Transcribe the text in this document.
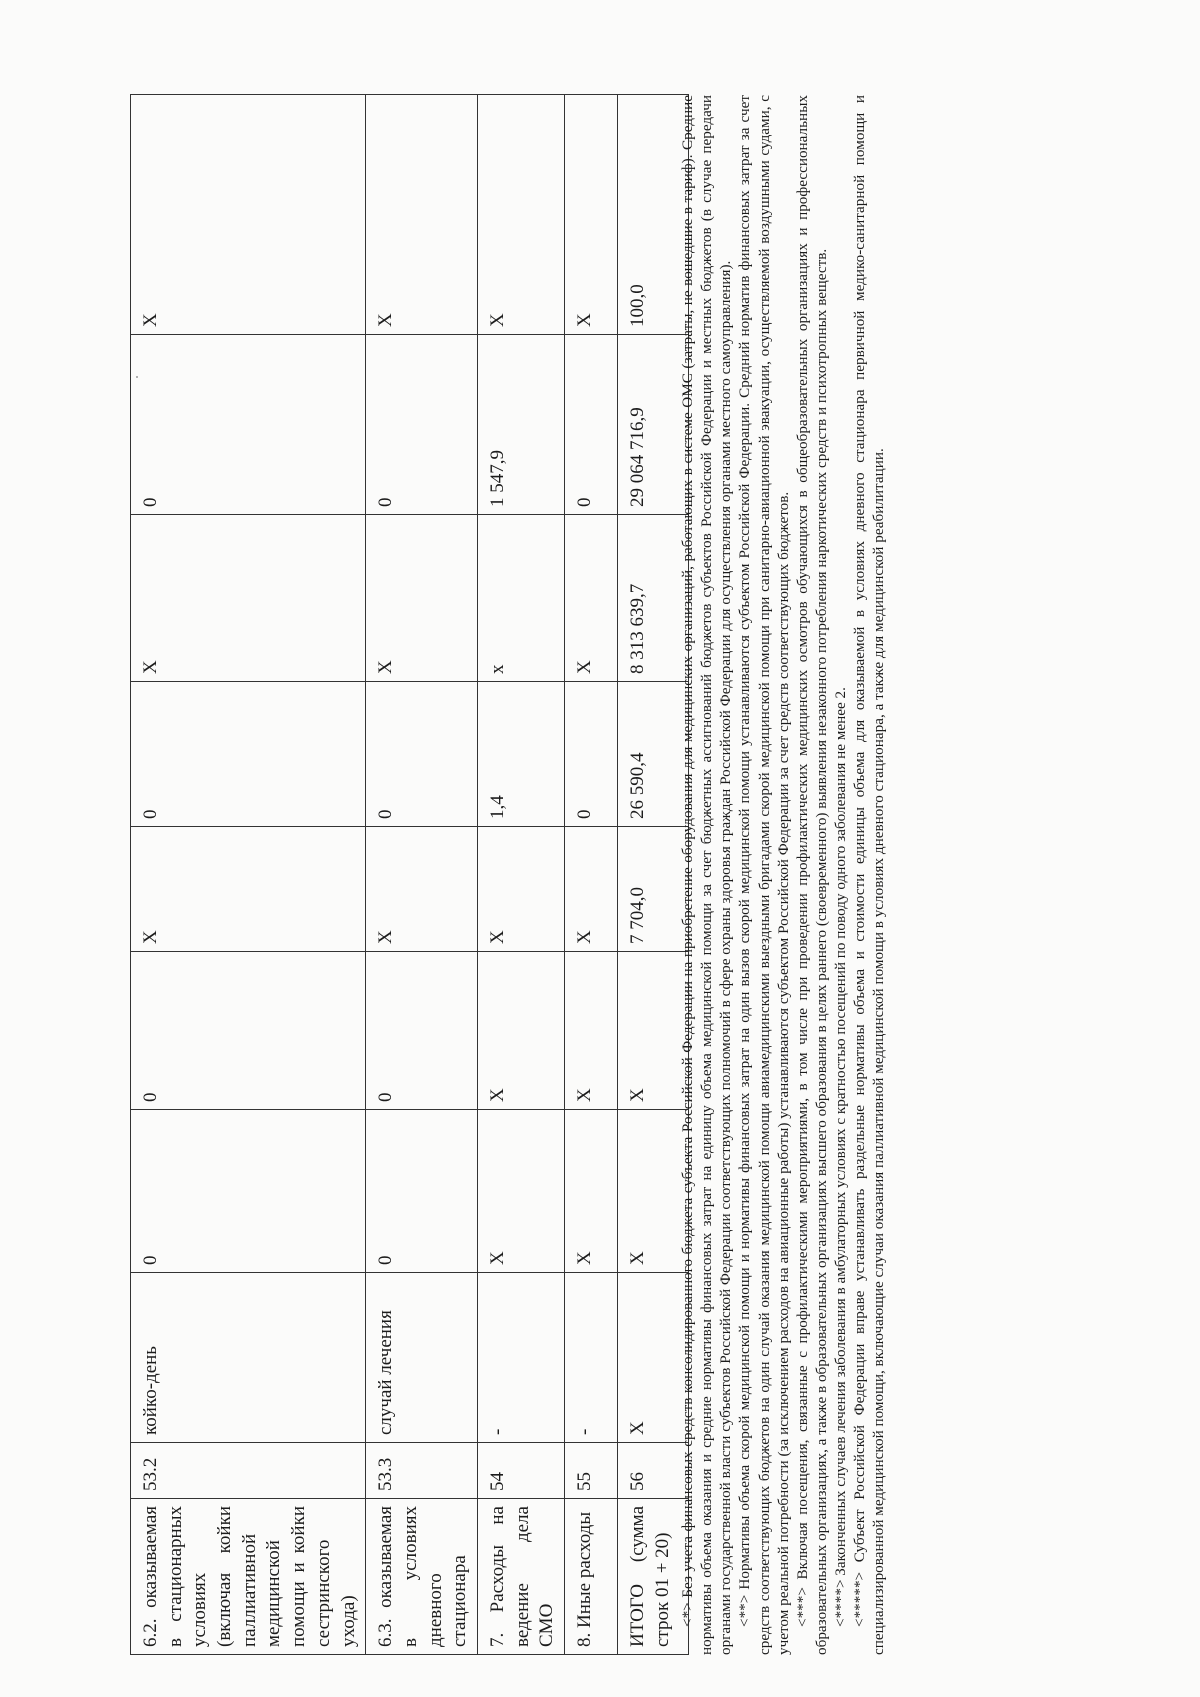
6.2. оказываемая в стационарных условиях (включая койки паллиативной медицинской помощи и койки сестринского ухода)	53.2	койко-день	0	0	X	0	X	0	X
6.3. оказываемая в условиях дневного стационара	53.3	случай лечения	0	0	X	0	X	0	X
7. Расходы на ведение дела СМО	54	-	X	X	X	1,4	x	1 547,9	X
8. Иные расходы	55	-	X	X	X	0	X	0	X
ИТОГО (сумма строк 01 + 20)	56	X	X	X	7 704,0	26 590,4	8 313 639,7	29 064 716,9	100,0 <*> Без учета финансовых средств консолидированного бюджета субъекта Российской Федерации на приобретение оборудования для медицинских организаций, работающих в системе ОМС (затраты, не вошедшие в тариф). Средние нормативы объема оказания и средние нормативы финансовых затрат на единицу объема медицинской помощи за счет бюджетных ассигнований бюджетов субъектов Российской Федерации и местных бюджетов (в случае передачи органами государственной власти субъектов Российской Федерации соответствующих полномочий в сфере охраны здоровья граждан Российской Федерации для осуществления органами местного самоуправления). <**> Нормативы объема скорой медицинской помощи и нормативы финансовых затрат на один вызов скорой медицинской помощи устанавливаются субъектом Российской Федерации. Средний норматив финансовых затрат за счет средств соответствующих бюджетов на один случай оказания медицинской помощи авиамедицинскими выездными бригадами скорой медицинской помощи при санитарно-авиационной эвакуации, осуществляемой воздушными судами, с учетом реальной потребности (за исключением расходов на авиационные работы) устанавливаются субъектом Российской Федерации за счет средств соответствующих бюджетов. <***> Включая посещения, связанные с профилактическими мероприятиями, в том числе при проведении профилактических медицинских осмотров обучающихся в общеобразовательных организациях и профессиональных образовательных организациях, а также в образовательных организациях высшего образования в целях раннего (своевременного) выявления незаконного потребления наркотических средств и психотропных веществ. <****> Законченных случаев лечения заболевания в амбулаторных условиях с кратностью посещений по поводу одного заболевания не менее 2. <*****> Субъект Российской Федерации вправе устанавливать раздельные нормативы объема и стоимости единицы объема для оказываемой в условиях дневного стационара первичной медико-санитарной помощи и специализированной медицинской помощи, включающие случаи оказания паллиативной медицинской помощи в условиях дневного стационара, а также для медицинской реабилитации.
